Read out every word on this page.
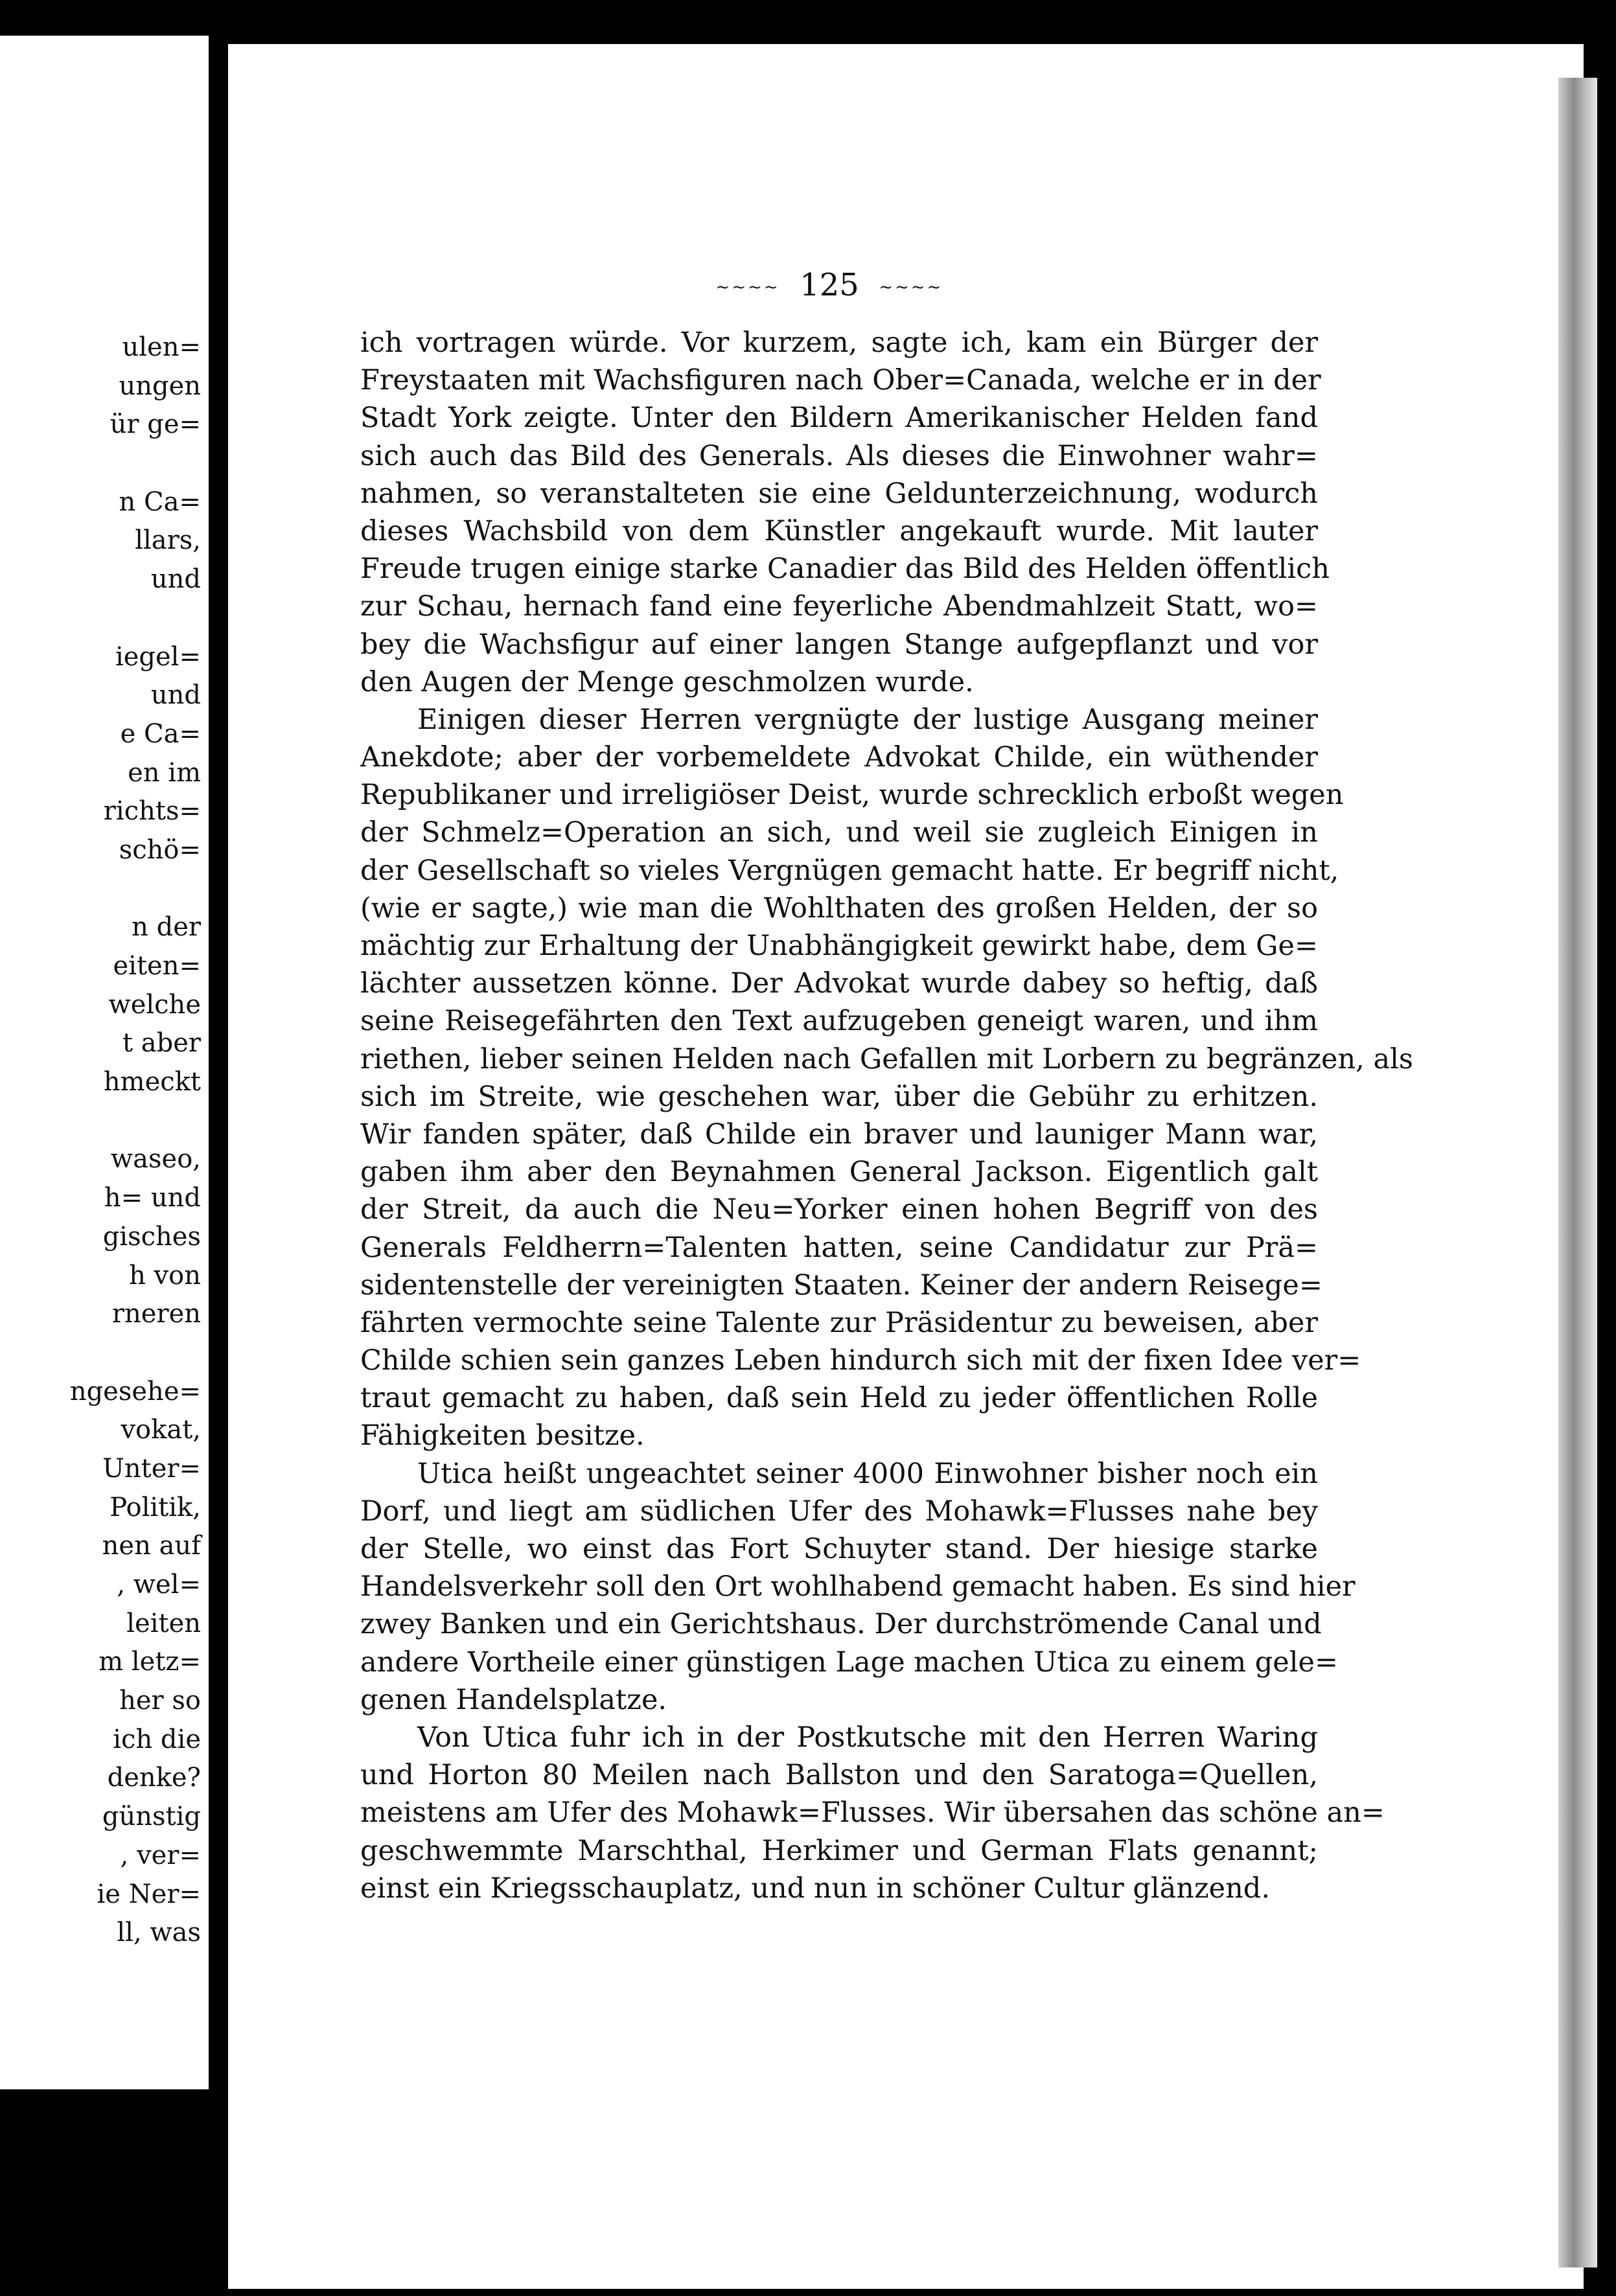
ulen=
ungen
ür ge=
n Ca=
llars,
und
iegel=
und
e Ca=
en im
richts=
schö=
n der
eiten=
welche
t aber
hmeckt
waseo,
h= und
gisches
h von
rneren
ngesehe=
vokat,
Unter=
Politik,
nen auf
, wel=
leiten
m letz=
her so
ich die
denke?
günstig
, ver=
ie Ner=
ll, was
~~~~ 125 ~~~~
ich vortragen würde. Vor kurzem, sagte ich, kam ein Bürger der
Freystaaten mit Wachsfiguren nach Ober=Canada, welche er in der
Stadt York zeigte. Unter den Bildern Amerikanischer Helden fand
sich auch das Bild des Generals. Als dieses die Einwohner wahr=
nahmen, so veranstalteten sie eine Geldunterzeichnung, wodurch
dieses Wachsbild von dem Künstler angekauft wurde. Mit lauter
Freude trugen einige starke Canadier das Bild des Helden öffentlich
zur Schau, hernach fand eine feyerliche Abendmahlzeit Statt, wo=
bey die Wachsfigur auf einer langen Stange aufgepflanzt und vor
den Augen der Menge geschmolzen wurde.
Einigen dieser Herren vergnügte der lustige Ausgang meiner
Anekdote; aber der vorbemeldete Advokat Childe, ein wüthender
Republikaner und irreligiöser Deist, wurde schrecklich erboßt wegen
der Schmelz=Operation an sich, und weil sie zugleich Einigen in
der Gesellschaft so vieles Vergnügen gemacht hatte. Er begriff nicht,
(wie er sagte,) wie man die Wohlthaten des großen Helden, der so
mächtig zur Erhaltung der Unabhängigkeit gewirkt habe, dem Ge=
lächter aussetzen könne. Der Advokat wurde dabey so heftig, daß
seine Reisegefährten den Text aufzugeben geneigt waren, und ihm
riethen, lieber seinen Helden nach Gefallen mit Lorbern zu begränzen, als
sich im Streite, wie geschehen war, über die Gebühr zu erhitzen.
Wir fanden später, daß Childe ein braver und launiger Mann war,
gaben ihm aber den Beynahmen General Jackson. Eigentlich galt
der Streit, da auch die Neu=Yorker einen hohen Begriff von des
Generals Feldherrn=Talenten hatten, seine Candidatur zur Prä=
sidentenstelle der vereinigten Staaten. Keiner der andern Reisege=
fährten vermochte seine Talente zur Präsidentur zu beweisen, aber
Childe schien sein ganzes Leben hindurch sich mit der fixen Idee ver=
traut gemacht zu haben, daß sein Held zu jeder öffentlichen Rolle
Fähigkeiten besitze.
Utica heißt ungeachtet seiner 4000 Einwohner bisher noch ein
Dorf, und liegt am südlichen Ufer des Mohawk=Flusses nahe bey
der Stelle, wo einst das Fort Schuyter stand. Der hiesige starke
Handelsverkehr soll den Ort wohlhabend gemacht haben. Es sind hier
zwey Banken und ein Gerichtshaus. Der durchströmende Canal und
andere Vortheile einer günstigen Lage machen Utica zu einem gele=
genen Handelsplatze.
Von Utica fuhr ich in der Postkutsche mit den Herren Waring
und Horton 80 Meilen nach Ballston und den Saratoga=Quellen,
meistens am Ufer des Mohawk=Flusses. Wir übersahen das schöne an=
geschwemmte Marschthal, Herkimer und German Flats genannt;
einst ein Kriegsschauplatz, und nun in schöner Cultur glänzend.
